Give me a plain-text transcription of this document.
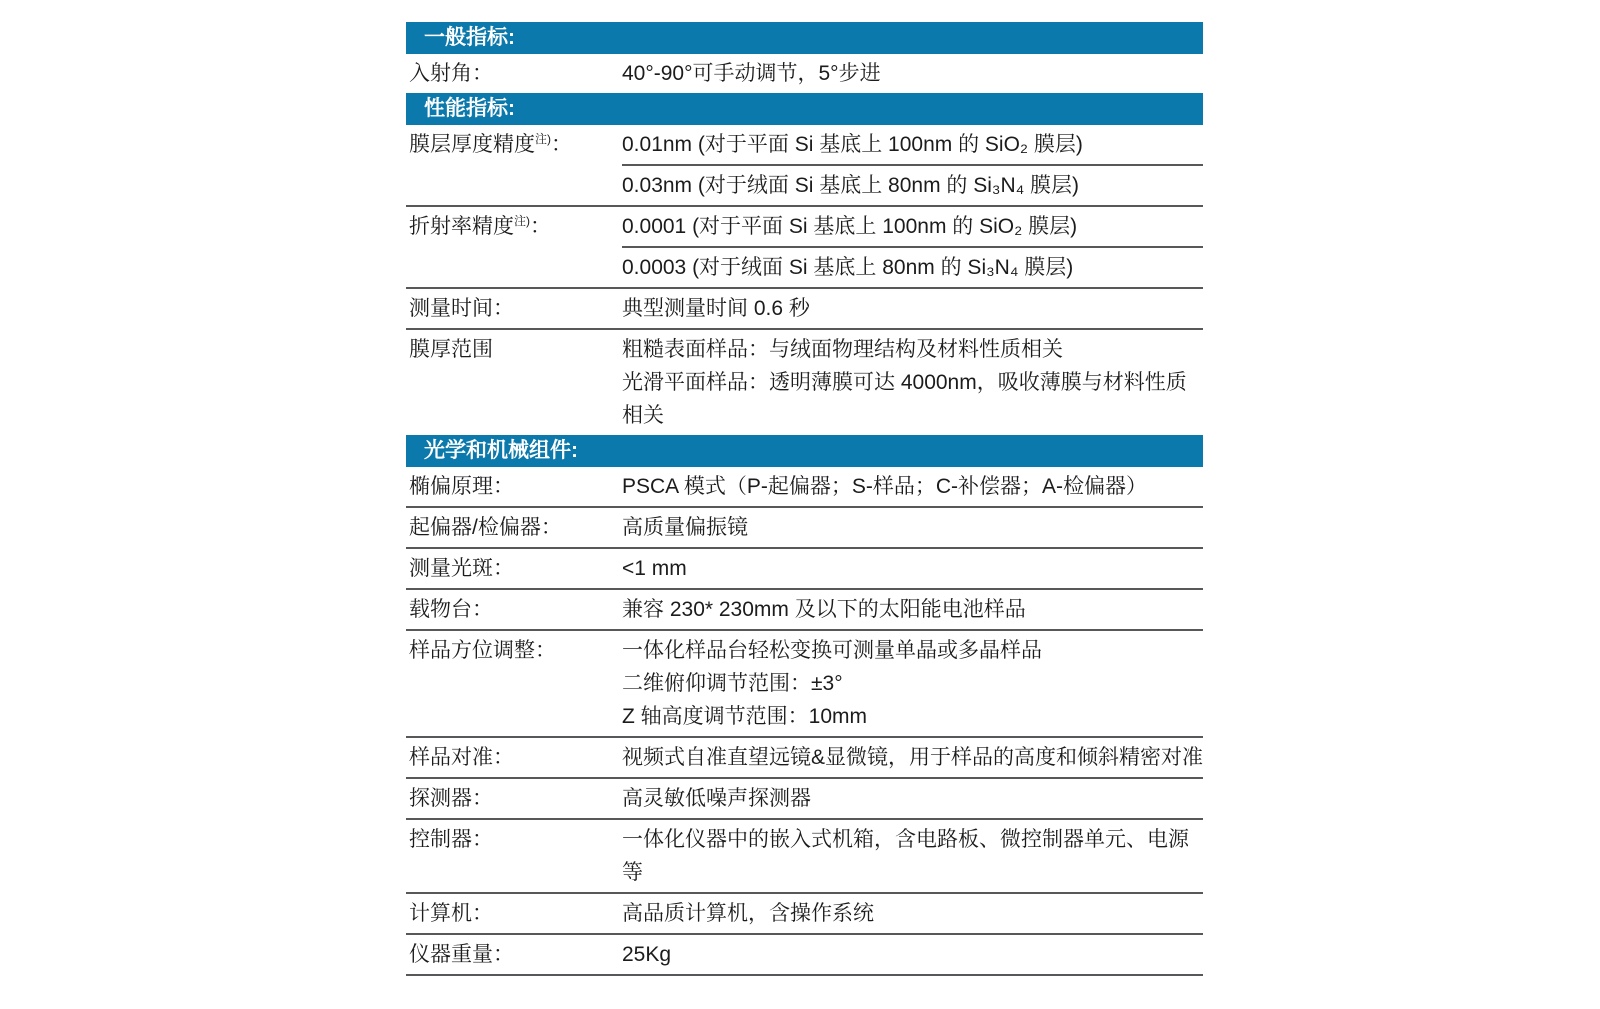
一般指标:
入射角：	40°-90°可手动调节，5°步进
性能指标:
膜层厚度精度$^{注)}$：	0.01nm (对于平面 Si 基底上 100nm 的 SiO₂ 膜层)
0.03nm (对于绒面 Si 基底上 80nm 的 Si₃N₄ 膜层)
折射率精度$^{注)}$：	0.0001 (对于平面 Si 基底上 100nm 的 SiO₂ 膜层)
0.0003 (对于绒面 Si 基底上 80nm 的 Si₃N₄ 膜层)
测量时间：	典型测量时间 0.6 秒
膜厚范围	粗糙表面样品：与绒面物理结构及材料性质相关
光滑平面样品：透明薄膜可达 4000nm，吸收薄膜与材料性质相关
光学和机械组件:
椭偏原理：	PSCA 模式（P-起偏器；S-样品；C-补偿器；A-检偏器）
起偏器/检偏器：	高质量偏振镜
测量光斑：	<1 mm
载物台：	兼容 230* 230mm 及以下的太阳能电池样品
样品方位调整：	一体化样品台轻松变换可测量单晶或多晶样品
二维俯仰调节范围：±3°
Z 轴高度调节范围：10mm
样品对准：	视频式自准直望远镜&显微镜，用于样品的高度和倾斜精密对准
探测器：	高灵敏低噪声探测器
控制器：	一体化仪器中的嵌入式机箱，含电路板、微控制器单元、电源等
计算机：	高品质计算机，含操作系统
仪器重量：	25Kg
